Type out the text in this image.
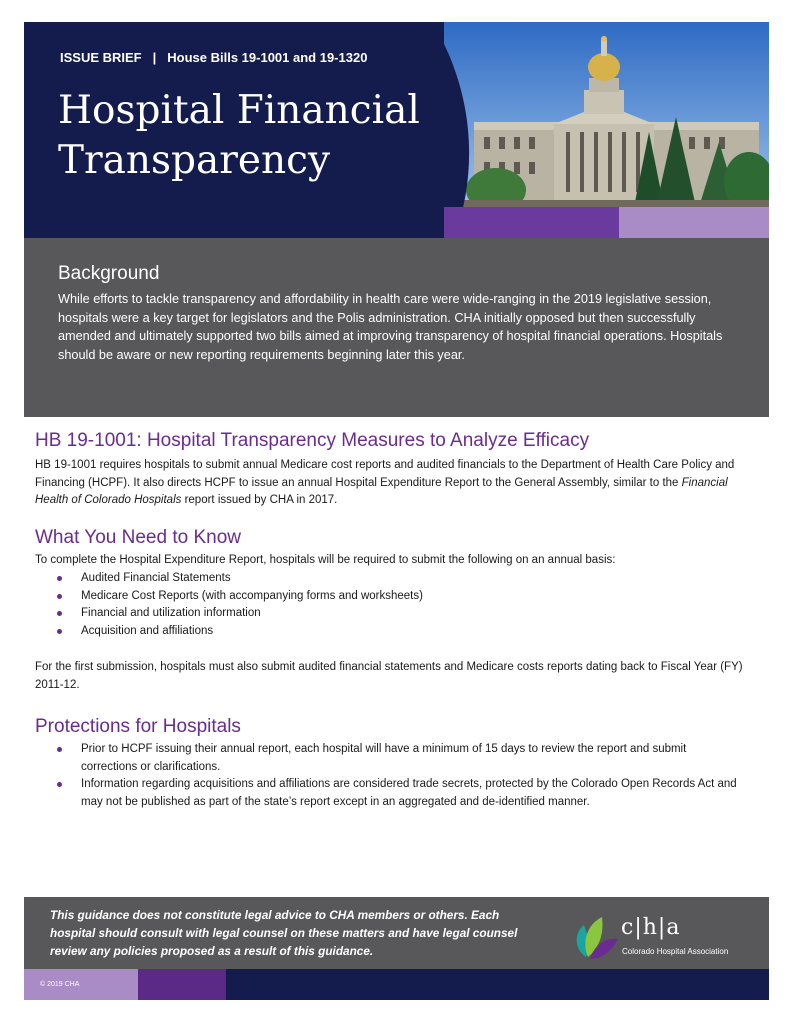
ISSUE BRIEF | House Bills 19-1001 and 19-1320
Hospital Financial
Transparency
Background
While efforts to tackle transparency and affordability in health care were wide-ranging in the 2019 legislative session, hospitals were a key target for legislators and the Polis administration. CHA initially opposed but then successfully amended and ultimately supported two bills aimed at improving transparency of hospital financial operations. Hospitals should be aware or new reporting requirements beginning later this year.
HB 19-1001: Hospital Transparency Measures to Analyze Efficacy
HB 19-1001 requires hospitals to submit annual Medicare cost reports and audited financials to the Department of Health Care Policy and Financing (HCPF). It also directs HCPF to issue an annual Hospital Expenditure Report to the General Assembly, similar to the Financial Health of Colorado Hospitals report issued by CHA in 2017.
What You Need to Know
To complete the Hospital Expenditure Report, hospitals will be required to submit the following on an annual basis:
Audited Financial Statements
Medicare Cost Reports (with accompanying forms and worksheets)
Financial and utilization information
Acquisition and affiliations
For the first submission, hospitals must also submit audited financial statements and Medicare costs reports dating back to Fiscal Year (FY) 2011-12.
Protections for Hospitals
Prior to HCPF issuing their annual report, each hospital will have a minimum of 15 days to review the report and submit corrections or clarifications.
Information regarding acquisitions and affiliations are considered trade secrets, protected by the Colorado Open Records Act and may not be published as part of the state’s report except in an aggregated and de-identified manner.
This guidance does not constitute legal advice to CHA members or others. Each hospital should consult with legal counsel on these matters and have legal counsel review any policies proposed as a result of this guidance.
c|h|a
Colorado Hospital Association
© 2019 CHA
